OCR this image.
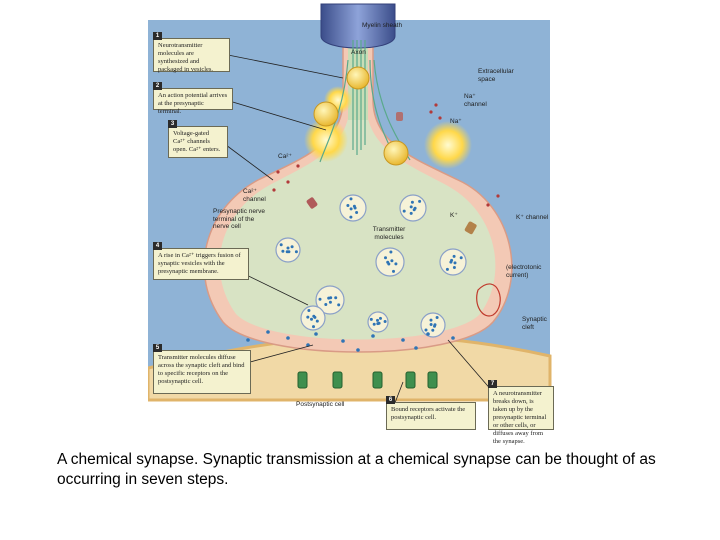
Myelin sheath
Axon
Extracellular space
Na⁺ channel
Na⁺
Ca²⁺
Ca²⁺ channel
Presynaptic nerve terminal of the nerve cell	Transmitter molecules
K⁺	K⁺ channel
(electrotonic current)
Synaptic cleft
Postsynaptic cell
1
Neurotransmitter molecules are synthesized and packaged in vesicles.
2
An action potential arrives at the presynaptic terminal.
3
Voltage-gated Ca²⁺ channels open. Ca²⁺ enters.
4
A rise in Ca²⁺ triggers fusion of synaptic vesicles with the presynaptic membrane.
5
Transmitter molecules diffuse across the synaptic cleft and bind to specific receptors on the postsynaptic cell.
6
Bound receptors activate the postsynaptic cell.
7
A neurotransmitter breaks down, is taken up by the presynaptic terminal or other cells, or diffuses away from the synapse.

A chemical synapse. Synaptic transmission at a chemical synapse can be thought of as occurring in seven steps.
